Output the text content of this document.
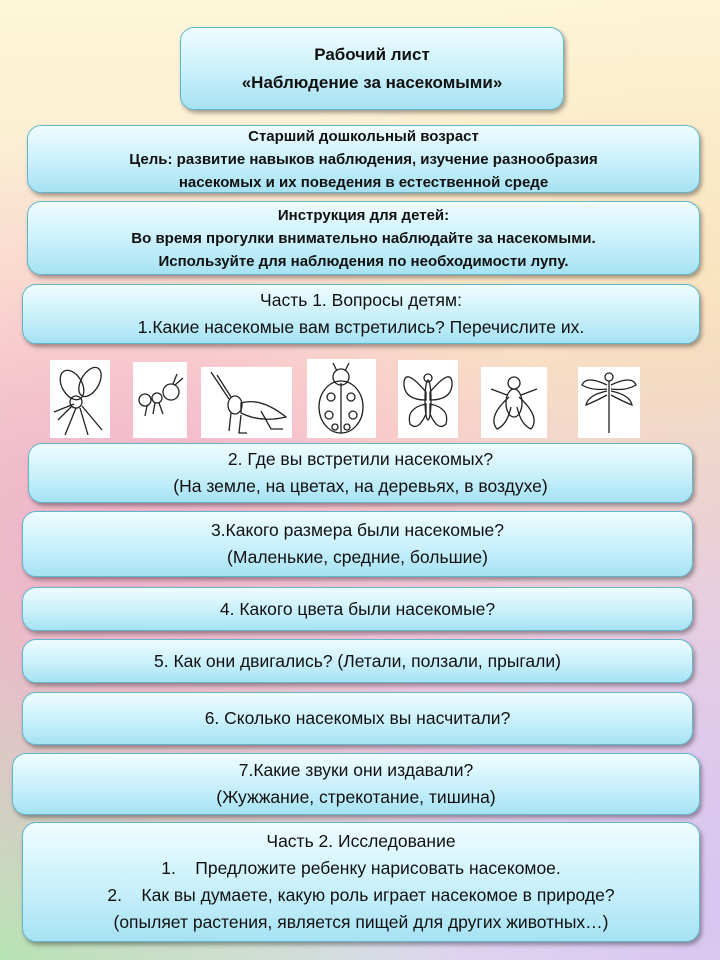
Рабочий лист
«Наблюдение за насекомыми»
Старший дошкольный возраст
Цель: развитие навыков наблюдения, изучение разнообразия
насекомых и их поведения в естественной среде
Инструкция для детей:
Во время прогулки внимательно наблюдайте за насекомыми.
Используйте для наблюдения по необходимости лупу.
Часть 1. Вопросы детям:
1.Какие насекомые вам встретились? Перечислите их.
2. Где вы встретили насекомых?
(На земле, на цветах, на деревьях, в воздухе)
3.Какого размера были насекомые?
(Маленькие, средние, большие)
4. Какого цвета были насекомые?
5. Как они двигались? (Летали, ползали, прыгали)
6. Сколько насекомых вы насчитали?
7.Какие звуки они издавали?
(Жужжание, стрекотание, тишина)
Часть 2. Исследование
1.    Предложите ребенку нарисовать насекомое.
2.    Как вы думаете, какую роль играет насекомое в природе?
(опыляет растения, является пищей для других животных…)
